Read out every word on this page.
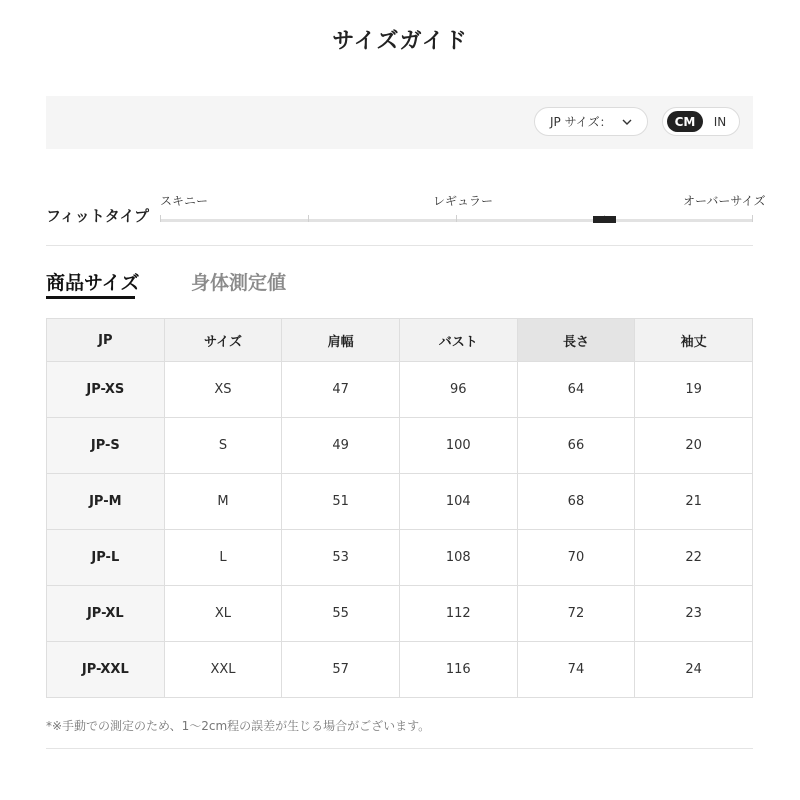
サイズガイド
JP サイズ：	CM	IN
フィットタイプ
スキニー	レギュラー	オーバーサイズ
商品サイズ	身体測定値
JP	サイズ	肩幅	バスト	長さ	袖丈
JP-XS	XS	47	96	64	19
JP-S	S	49	100	66	20
JP-M	M	51	104	68	21
JP-L	L	53	108	70	22
JP-XL	XL	55	112	72	23
JP-XXL	XXL	57	116	74	24
*※手動での測定のため、1〜2cm程の誤差が生じる場合がございます。
